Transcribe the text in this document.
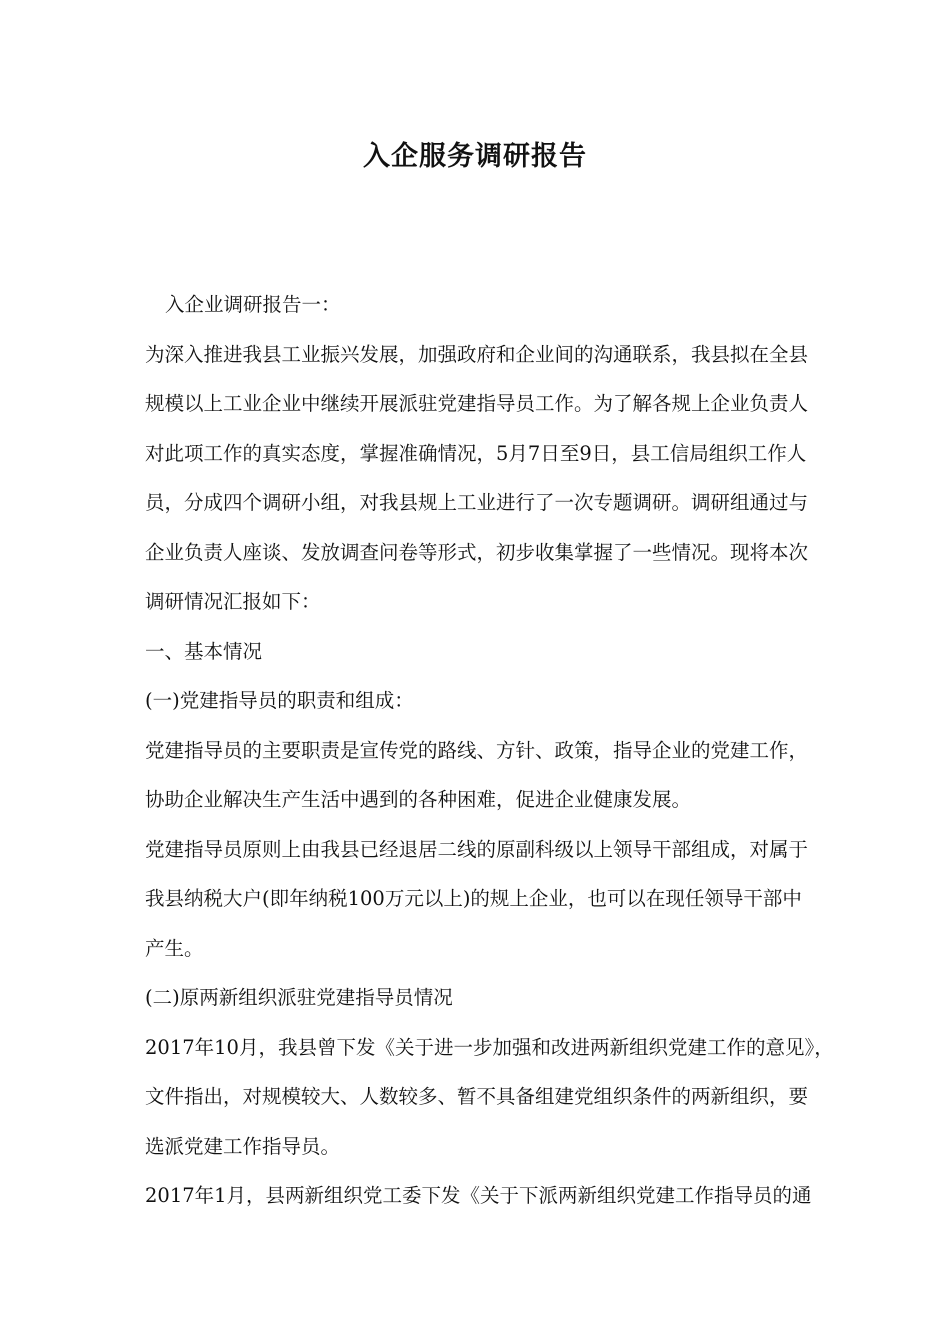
入企服务调研报告
入企业调研报告一：
为深入推进我县工业振兴发展，加强政府和企业间的沟通联系，我县拟在全县
规模以上工业企业中继续开展派驻党建指导员工作。为了解各规上企业负责人
对此项工作的真实态度，掌握准确情况，5月7日至9日，县工信局组织工作人
员，分成四个调研小组，对我县规上工业进行了一次专题调研。调研组通过与
企业负责人座谈、发放调查问卷等形式，初步收集掌握了一些情况。现将本次
调研情况汇报如下：
一、基本情况
(一)党建指导员的职责和组成：
党建指导员的主要职责是宣传党的路线、方针、政策，指导企业的党建工作，
协助企业解决生产生活中遇到的各种困难，促进企业健康发展。
党建指导员原则上由我县已经退居二线的原副科级以上领导干部组成，对属于
我县纳税大户(即年纳税100万元以上)的规上企业，也可以在现任领导干部中
产生。
(二)原两新组织派驻党建指导员情况
2017年10月，我县曾下发《关于进一步加强和改进两新组织党建工作的意见》，
文件指出，对规模较大、人数较多、暂不具备组建党组织条件的两新组织，要
选派党建工作指导员。
2017年1月，县两新组织党工委下发《关于下派两新组织党建工作指导员的通
